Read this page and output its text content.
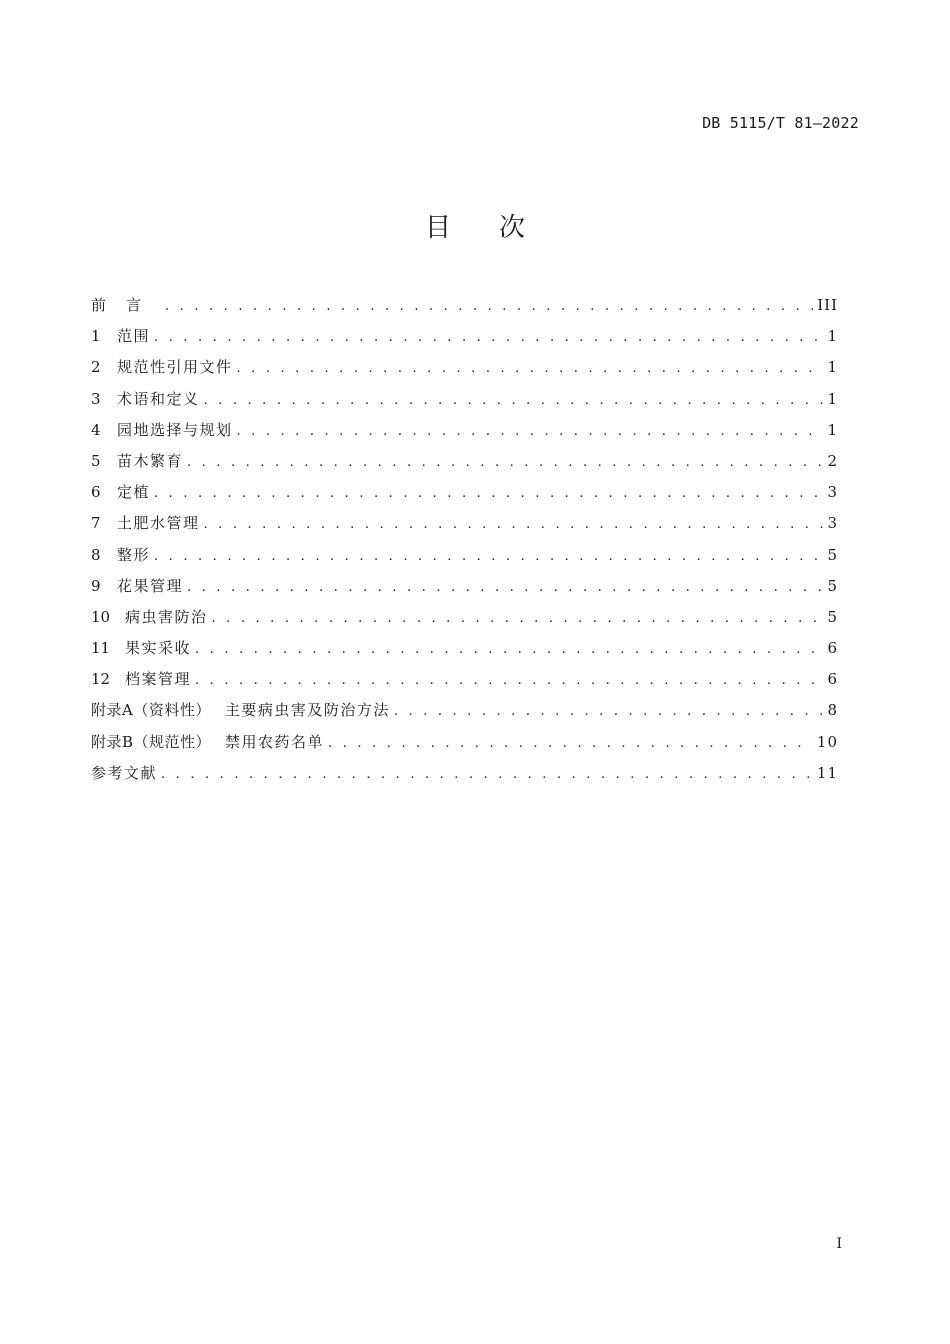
DB 5115/T 81—2022
目次
前言 . . .	III
1 范围 . . .	1
2 规范性引用文件 . . .	1
3 术语和定义 . . .	1
4 园地选择与规划 . . .	1
5 苗木繁育 . . .	2
6 定植 . . .	3
7 土肥水管理 . . .	3
8 整形 . . .	5
9 花果管理 . . .	5
10 病虫害防治 . . .	5
11 果实采收 . . .	6
12 档案管理 . . .	6
附录A（资料性） 主要病虫害及防治方法 . . .	8
附录B（规范性） 禁用农药名单 . . .	10
参考文献 . . .	11
I
